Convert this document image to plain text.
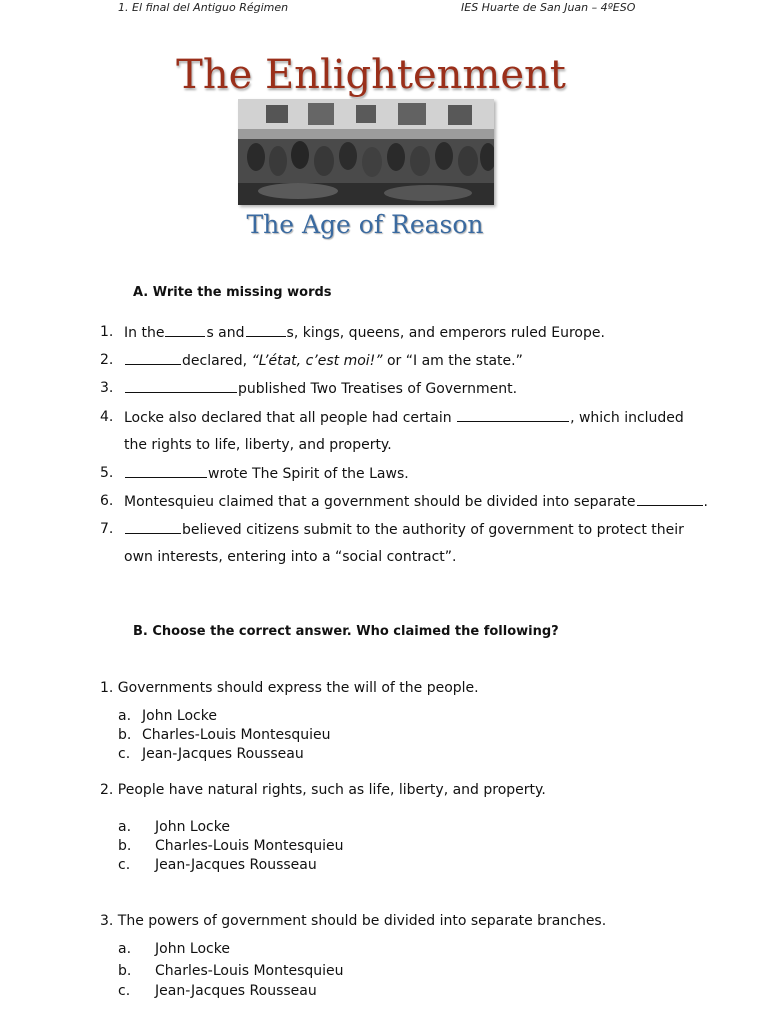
1. El final del Antiguo Régimen	IES Huarte de San Juan – 4ºESO
The Enlightenment
The Age of Reason
A. Write the missing words
1. In the	s and	s, kings, queens, and emperors ruled Europe.
2.	declared, “L’état, c’est moi!” or “I am the state.”
3.	published Two Treatises of Government.
4. Locke also declared that all people had certain	, which included
the rights to life, liberty, and property.
5.	wrote The Spirit of the Laws.
6. Montesquieu claimed that a government should be divided into separate	.
7.	believed citizens submit to the authority of government to protect their
own interests, entering into a “social contract”.
B. Choose the correct answer. Who claimed the following?
1. Governments should express the will of the people.
a. John Locke
b. Charles-Louis Montesquieu
c. Jean-Jacques Rousseau
2. People have natural rights, such as life, liberty, and property.
a. John Locke
b. Charles-Louis Montesquieu
c. Jean-Jacques Rousseau
3. The powers of government should be divided into separate branches.
a. John Locke
b. Charles-Louis Montesquieu
c. Jean-Jacques Rousseau
